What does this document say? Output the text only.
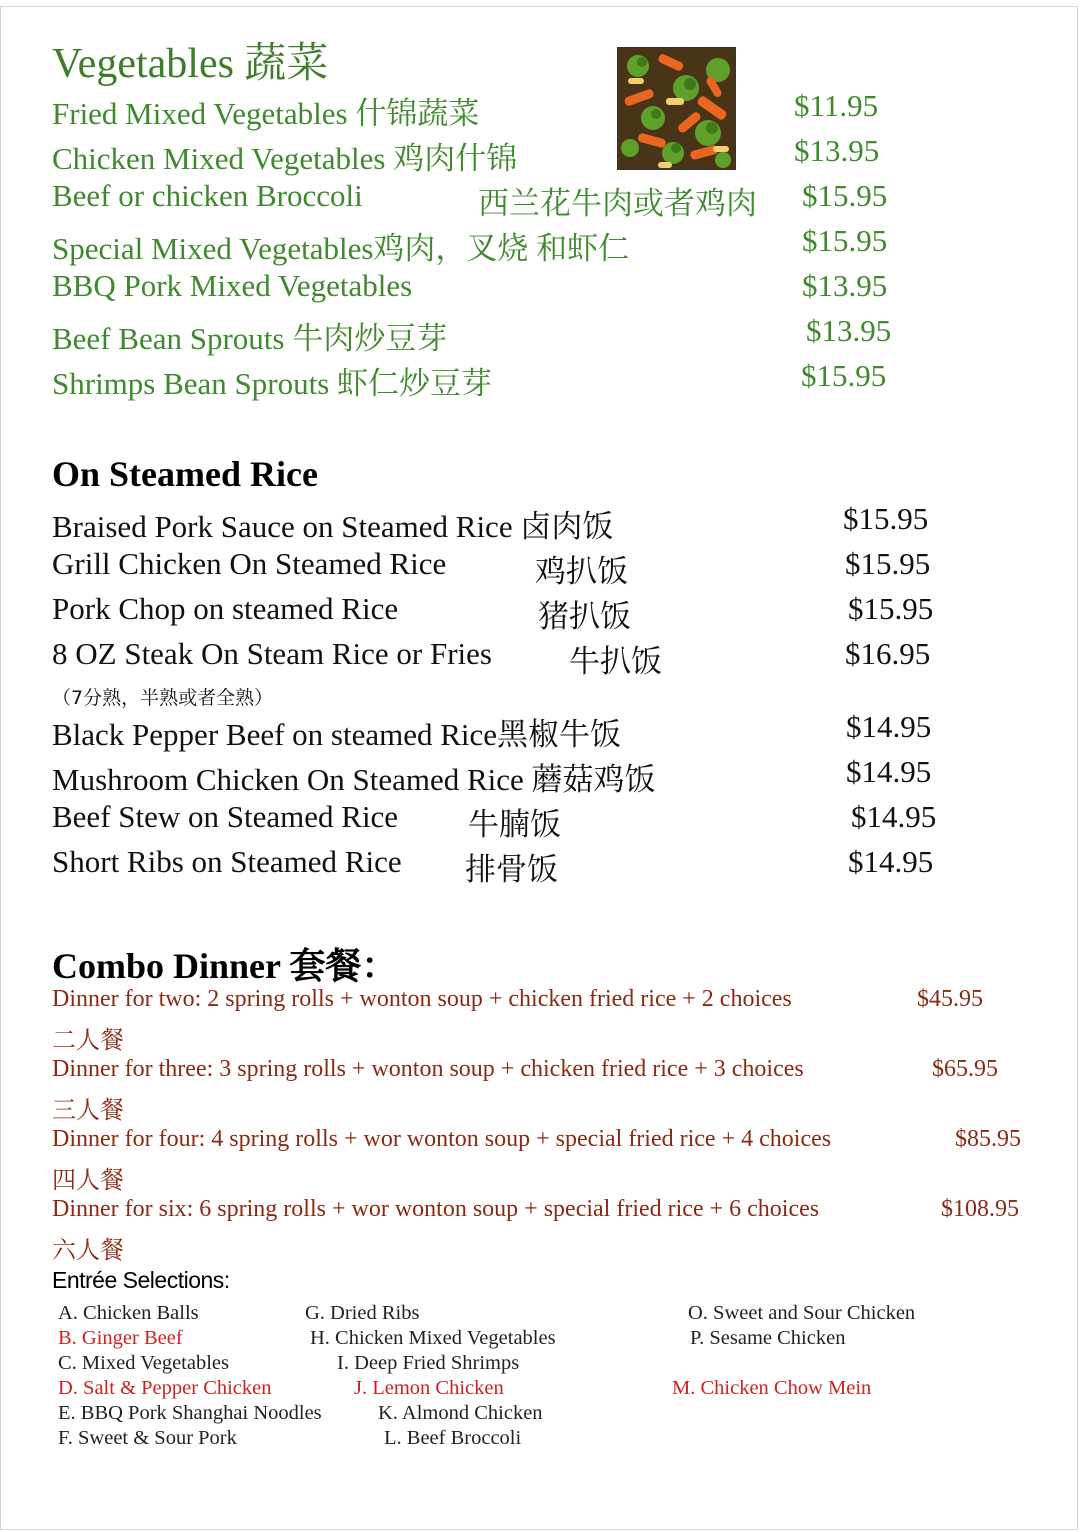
Vegetables 蔬菜
Fried Mixed Vegetables 什锦蔬菜	$11.95
Chicken Mixed Vegetables 鸡肉什锦	$13.95
Beef or chicken Broccoli	西兰花牛肉或者鸡肉 $15.95
Special Mixed Vegetables鸡肉，叉烧 和虾仁	$15.95
BBQ Pork Mixed Vegetables	$13.95
Beef Bean Sprouts 牛肉炒豆芽	$13.95
Shrimps Bean Sprouts 虾仁炒豆芽	$15.95
On Steamed Rice
Braised Pork Sauce on Steamed Rice 卤肉饭	$15.95
Grill Chicken On Steamed Rice	鸡扒饭	$15.95
Pork Chop on steamed Rice	猪扒饭	$15.95
8 OZ Steak On Steam Rice or Fries 牛扒饭	$16.95
（7分熟，半熟或者全熟）
Black Pepper Beef on steamed Rice黑椒牛饭	$14.95
Mushroom Chicken On Steamed Rice 蘑菇鸡饭	$14.95
Beef Stew on Steamed Rice 牛腩饭	$14.95
Short Ribs on Steamed Rice 排骨饭	$14.95
Combo Dinner 套餐：
Dinner for two: 2 spring rolls + wonton soup + chicken fried rice + 2 choices	$45.95
二人餐
Dinner for three: 3 spring rolls + wonton soup + chicken fried rice + 3 choices	$65.95
三人餐
Dinner for four: 4 spring rolls + wor wonton soup + special fried rice + 4 choices	$85.95
四人餐
Dinner for six: 6 spring rolls + wor wonton soup + special fried rice + 6 choices	$108.95
六人餐
Entrée Selections:
A. Chicken Balls
B. Ginger Beef
C. Mixed Vegetables
D. Salt & Pepper Chicken
E. BBQ Pork Shanghai Noodles
F. Sweet & Sour Pork
G. Dried Ribs
H. Chicken Mixed Vegetables
I. Deep Fried Shrimps
J. Lemon Chicken
K. Almond Chicken
L. Beef Broccoli
O. Sweet and Sour Chicken
P. Sesame Chicken
M. Chicken Chow Mein
